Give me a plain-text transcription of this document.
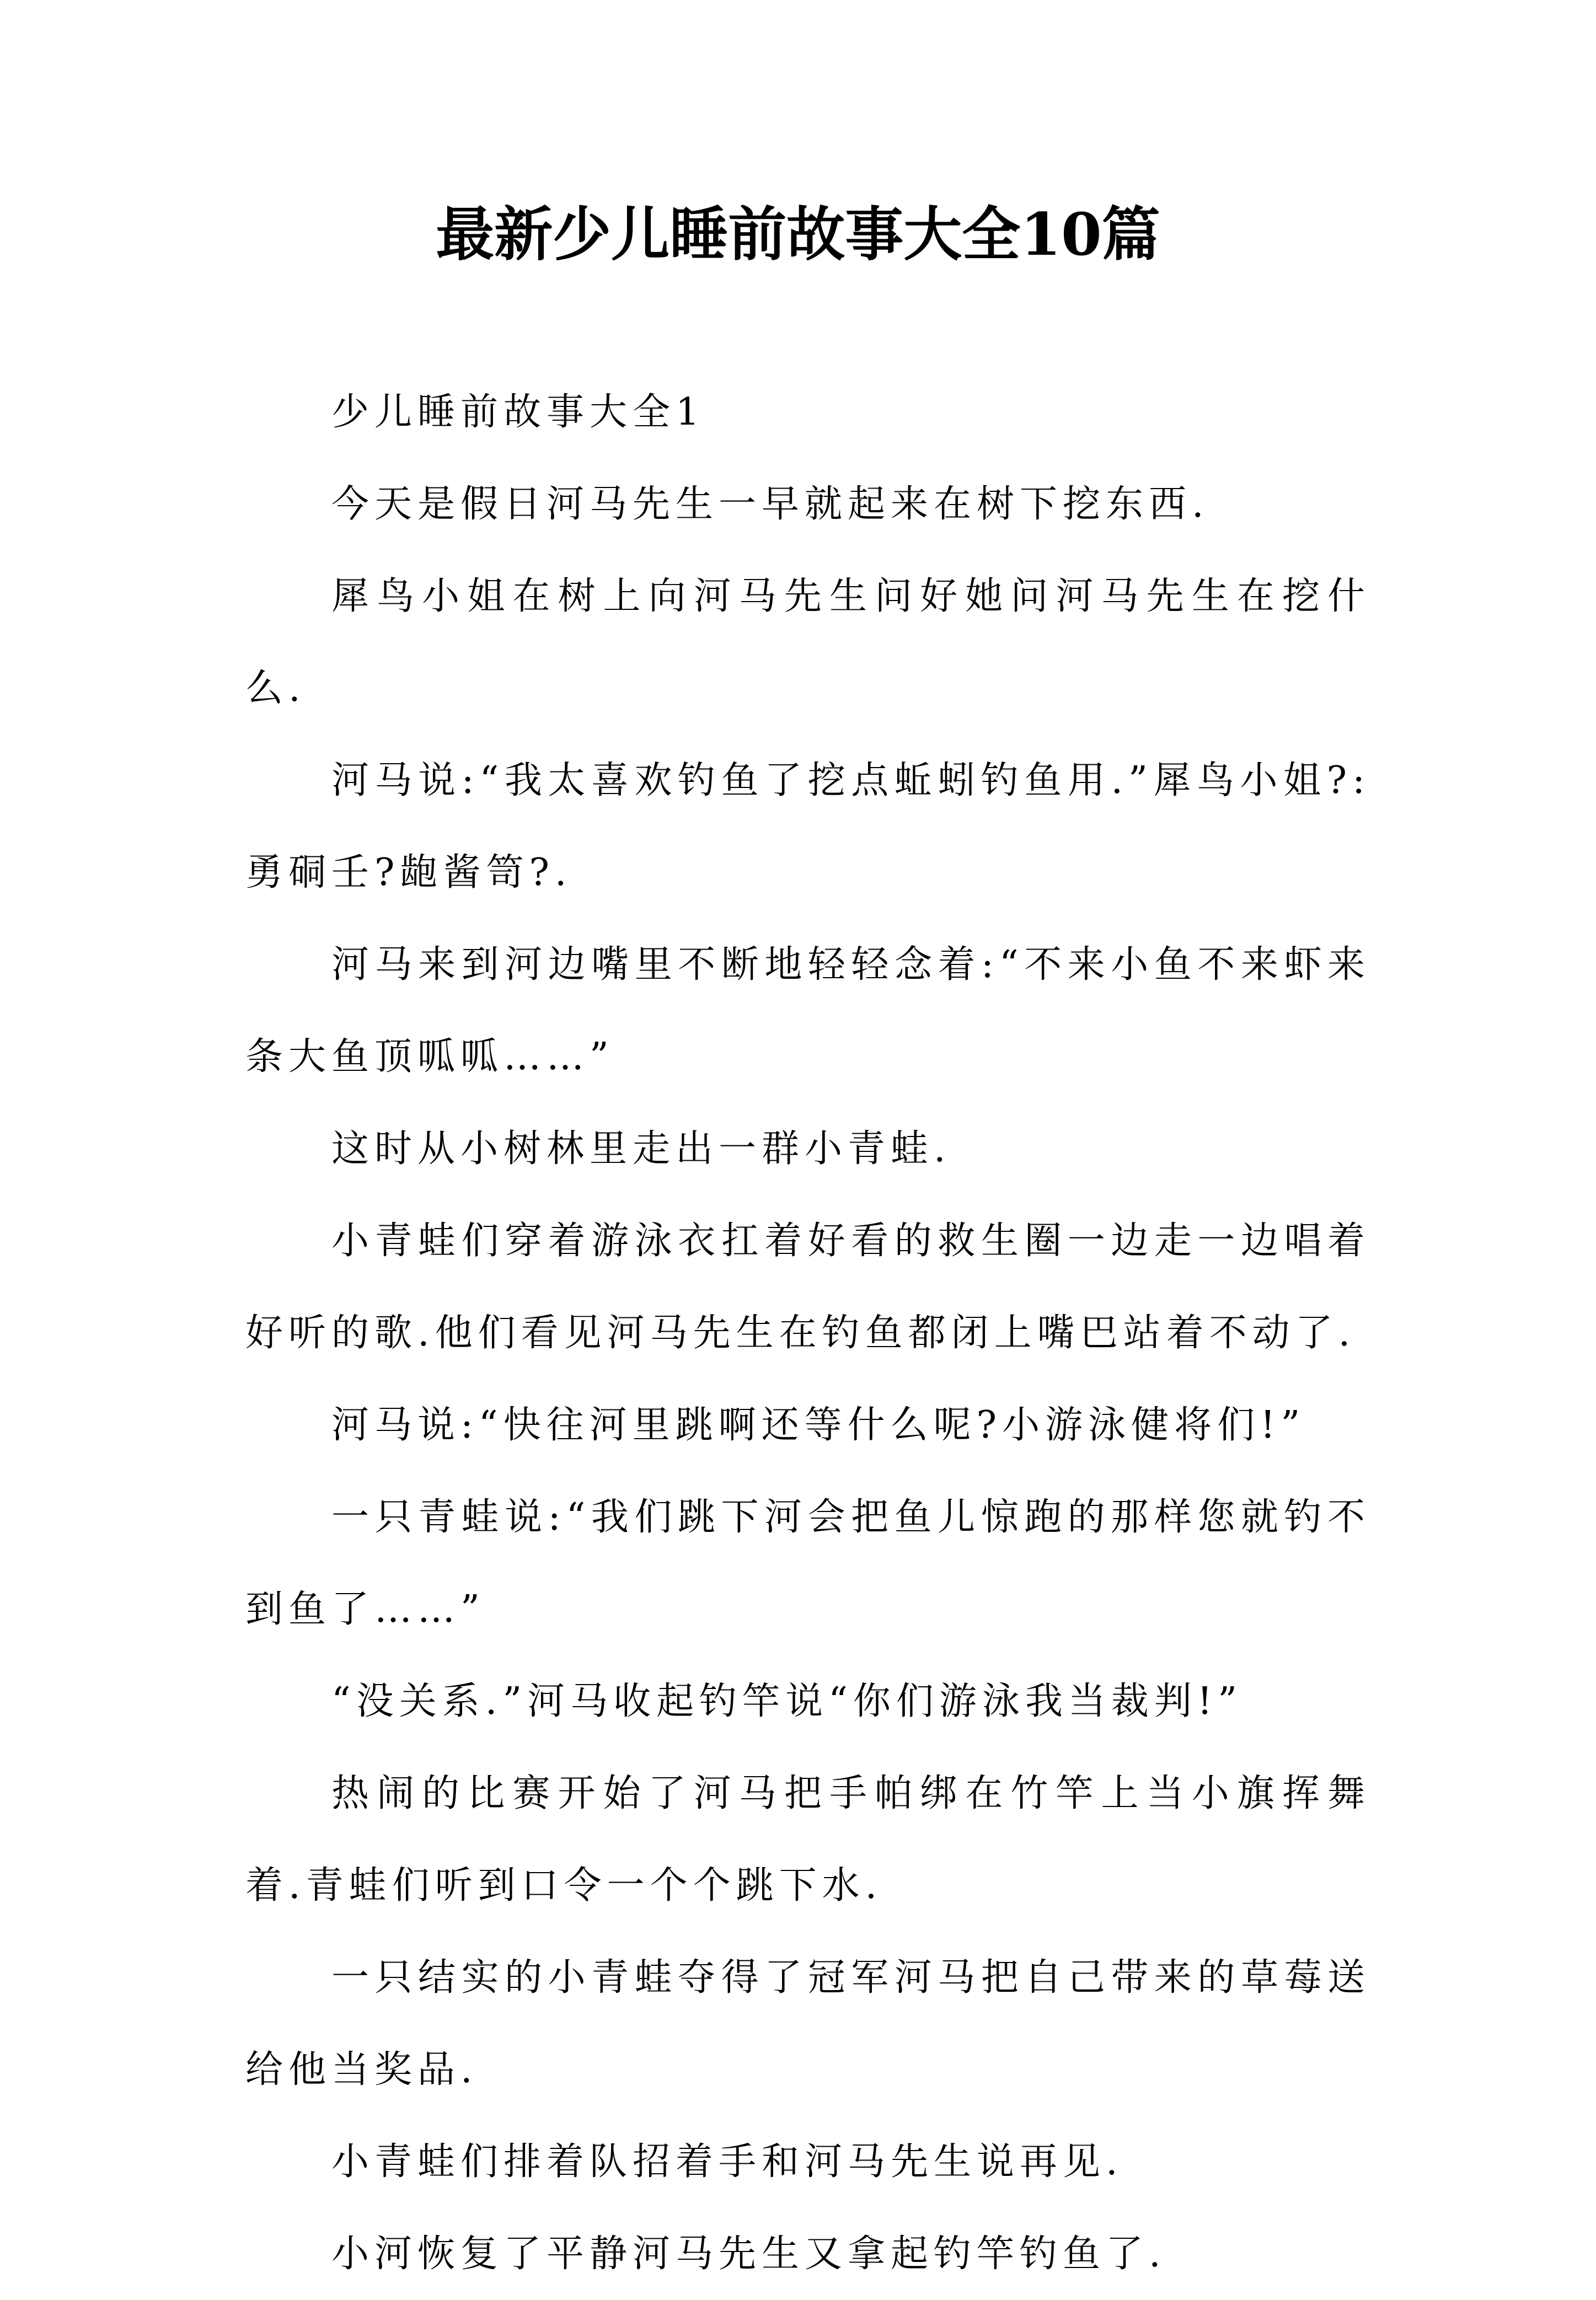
最新少儿睡前故事大全10篇

少儿睡前故事大全1

今天是假日河马先生一早就起来在树下挖东西.

犀鸟小姐在树上向河马先生问好她问河马先生在挖什么.

河马说:“我太喜欢钓鱼了挖点蚯蚓钓鱼用.”犀鸟小姐?:勇硐壬?龅酱笥?.

河马来到河边嘴里不断地轻轻念着:“不来小鱼不来虾来条大鱼顶呱呱……”

这时从小树林里走出一群小青蛙.

小青蛙们穿着游泳衣扛着好看的救生圈一边走一边唱着好听的歌.他们看见河马先生在钓鱼都闭上嘴巴站着不动了.

河马说:“快往河里跳啊还等什么呢?小游泳健将们!”

一只青蛙说:“我们跳下河会把鱼儿惊跑的那样您就钓不到鱼了……”

“没关系.”河马收起钓竿说“你们游泳我当裁判!”

热闹的比赛开始了河马把手帕绑在竹竿上当小旗挥舞着.青蛙们听到口令一个个跳下水.

一只结实的小青蛙夺得了冠军河马把自己带来的草莓送给他当奖品.

小青蛙们排着队招着手和河马先生说再见.

小河恢复了平静河马先生又拿起钓竿钓鱼了.
